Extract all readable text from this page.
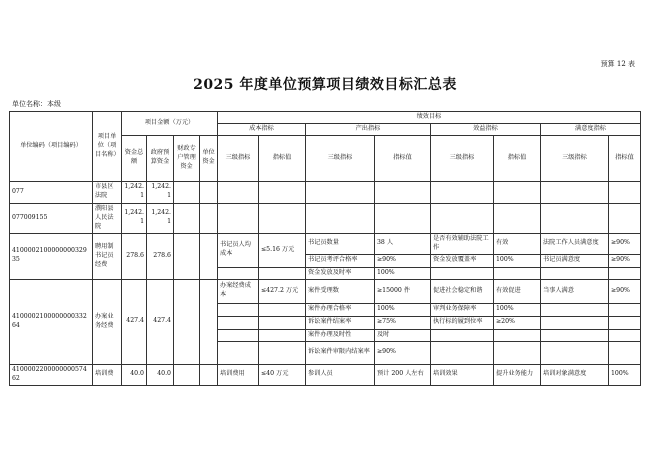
预算 12 表
2025 年度单位预算项目绩效目标汇总表
单位名称：本级
单位编码（项目编码）	项目单位（项目名称）	项目金额（万元）				绩效目标							
						成本指标		产出指标		效益指标		满意度指标	
		资金总额	政府预算资金	财政专户管理资金	单位资金	三级指标	指标值	三级指标	指标值	三级指标	指标值	三级指标	指标值
077	市县区法院	1,242.1	1,242.1										
077009155	濮阳县人民法院	1,242.1	1,242.1										
410000210000000032935	聘用制书记员经费	278.6	278.6			书记员人均成本	≤5.16 万元	书记员数量	38 人	是否有效辅助法院工作	有效	法院工作人员满意度	≥90%
								书记员考评合格率	≥90%	资金发放覆盖率	100%	书记员满意度	≥90%
								资金发放及时率	100%				
410000210000000033264	办案业务经费	427.4	427.4			办案经费成本	≤427.2 万元	案件受理数	≥15000 件	促进社会稳定和谐	有效促进	当事人满意	≥90%
								案件办理合格率	100%	审判业务保障率	100%		
								诉讼案件结案率	≥75%	执行标的履到位率	≥20%		
								案件办理及时性	及时				
								诉讼案件审限内结案率	≥90%				
410000220000000057462	培训费	40.0	40.0			培训费用	≤40 万元	参训人员	预计 200 人左右	培训效果	提升业务能力	培训对象满意度	100%
